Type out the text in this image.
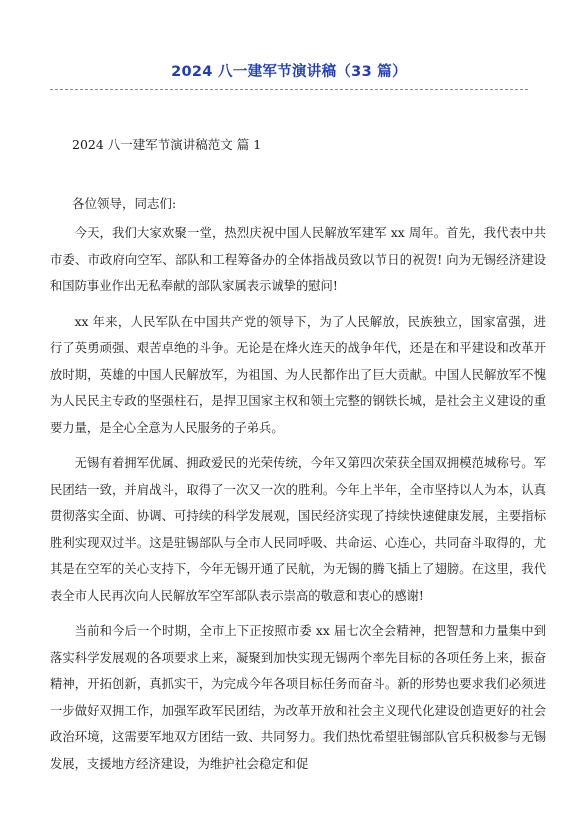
2024 八一建军节演讲稿（33 篇）

2024 八一建军节演讲稿范文 篇 1

各位领导，同志们:

今天，我们大家欢聚一堂，热烈庆祝中国人民解放军建军 xx 周年。首先，我代表中共市委、市政府向空军、部队和工程筹备办的全体指战员致以节日的祝贺! 向为无锡经济建设和国防事业作出无私奉献的部队家属表示诚挚的慰问!

xx 年来，人民军队在中国共产党的领导下，为了人民解放，民族独立，国家富强，进行了英勇顽强、艰苦卓绝的斗争。无论是在烽火连天的战争年代，还是在和平建设和改革开放时期，英雄的中国人民解放军，为祖国、为人民都作出了巨大贡献。中国人民解放军不愧为人民民主专政的坚强柱石，是捍卫国家主权和领土完整的钢铁长城，是社会主义建设的重要力量，是全心全意为人民服务的子弟兵。

无锡有着拥军优属、拥政爱民的光荣传统，今年又第四次荣获全国双拥模范城称号。军民团结一致，并肩战斗，取得了一次又一次的胜利。今年上半年，全市坚持以人为本，认真贯彻落实全面、协调、可持续的科学发展观，国民经济实现了持续快速健康发展，主要指标胜利实现双过半。这是驻锡部队与全市人民同呼吸、共命运、心连心，共同奋斗取得的，尤其是在空军的关心支持下，今年无锡开通了民航，为无锡的腾飞插上了翅膀。在这里，我代表全市人民再次向人民解放军空军部队表示崇高的敬意和衷心的感谢!

当前和今后一个时期，全市上下正按照市委 xx 届七次全会精神，把智慧和力量集中到落实科学发展观的各项要求上来，凝聚到加快实现无锡两个率先目标的各项任务上来，振奋精神，开拓创新，真抓实干，为完成今年各项目标任务而奋斗。新的形势也要求我们必须进一步做好双拥工作，加强军政军民团结，为改革开放和社会主义现代化建设创造更好的社会政治环境，这需要军地双方团结一致、共同努力。我们热忱希望驻锡部队官兵积极参与无锡发展，支援地方经济建设，为维护社会稳定和促
